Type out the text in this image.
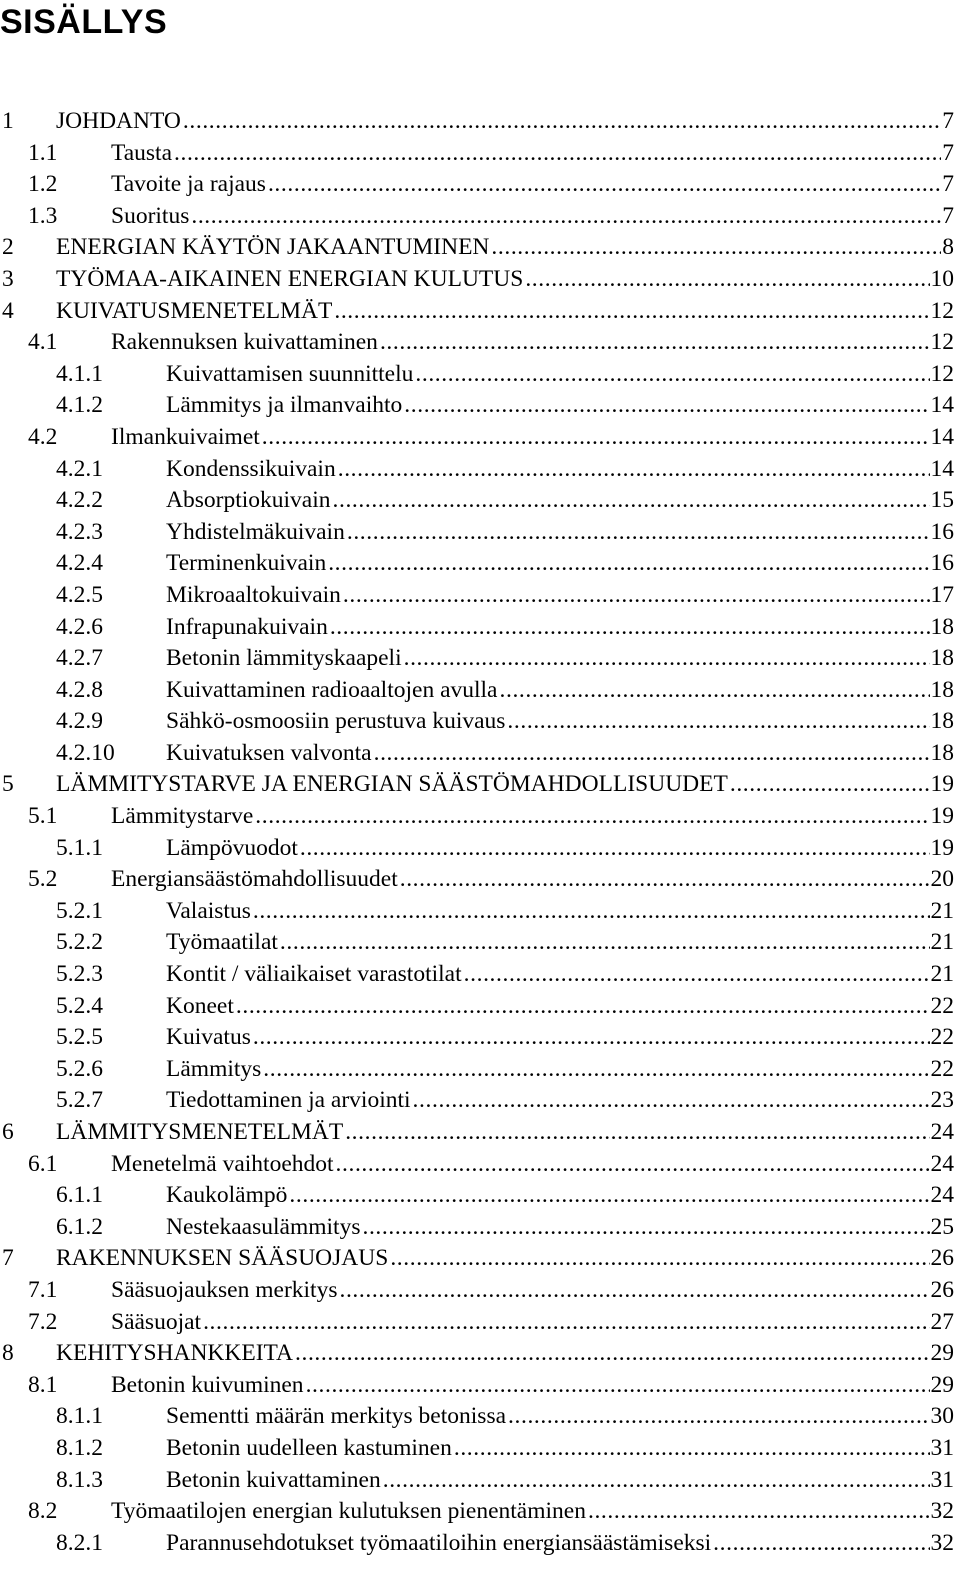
SISÄLLYS
1 JOHDANTO .....	7
1.1 Tausta .....	7
1.2 Tavoite ja rajaus .....	7
1.3 Suoritus .....	7
2 ENERGIAN KÄYTÖN JAKAANTUMINEN .....	8
3 TYÖMAA-AIKAINEN ENERGIAN KULUTUS .....	10
4 KUIVATUSMENETELMÄT .....	12
4.1 Rakennuksen kuivattaminen .....	12
4.1.1	Kuivattamisen suunnittelu .....	12
4.1.2	Lämmitys ja ilmanvaihto .....	14
4.2 Ilmankuivaimet .....	14
4.2.1	Kondenssikuivain .....	14
4.2.2	Absorptiokuivain .....	15
4.2.3	Yhdistelmäkuivain .....	16
4.2.4	Terminenkuivain .....	16
4.2.5	Mikroaaltokuivain .....	17
4.2.6	Infrapunakuivain .....	18
4.2.7	Betonin lämmityskaapeli .....	18
4.2.8	Kuivattaminen radioaaltojen avulla .....	18
4.2.9	Sähkö-osmoosiin perustuva kuivaus .....	18
4.2.10 Kuivatuksen valvonta .....	18
5 LÄMMITYSTARVE JA ENERGIAN SÄÄSTÖMAHDOLLISUUDET .....	19
5.1 Lämmitystarve .....	19
5.1.1	Lämpövuodot .....	19
5.2 Energiansäästömahdollisuudet .....	20
5.2.1	Valaistus .....	21
5.2.2	Työmaatilat .....	21
5.2.3	Kontit / väliaikaiset varastotilat .....	21
5.2.4	Koneet .....	22
5.2.5	Kuivatus .....	22
5.2.6	Lämmitys .....	22
5.2.7	Tiedottaminen ja arviointi .....	23
6 LÄMMITYSMENETELMÄT .....	24
6.1 Menetelmä vaihtoehdot .....	24
6.1.1	Kaukolämpö .....	24
6.1.2	Nestekaasulämmitys .....	25
7 RAKENNUKSEN SÄÄSUOJAUS .....	26
7.1 Sääsuojauksen merkitys .....	26
7.2 Sääsuojat .....	27
8 KEHITYSHANKKEITA .....	29
8.1 Betonin kuivuminen .....	29
8.1.1	Sementti määrän merkitys betonissa .....	30
8.1.2	Betonin uudelleen kastuminen .....	31
8.1.3	Betonin kuivattaminen .....	31
8.2 Työmaatilojen energian kulutuksen pienentäminen .....	32
8.2.1	Parannusehdotukset työmaatiloihin energiansäästämiseksi .....	32
